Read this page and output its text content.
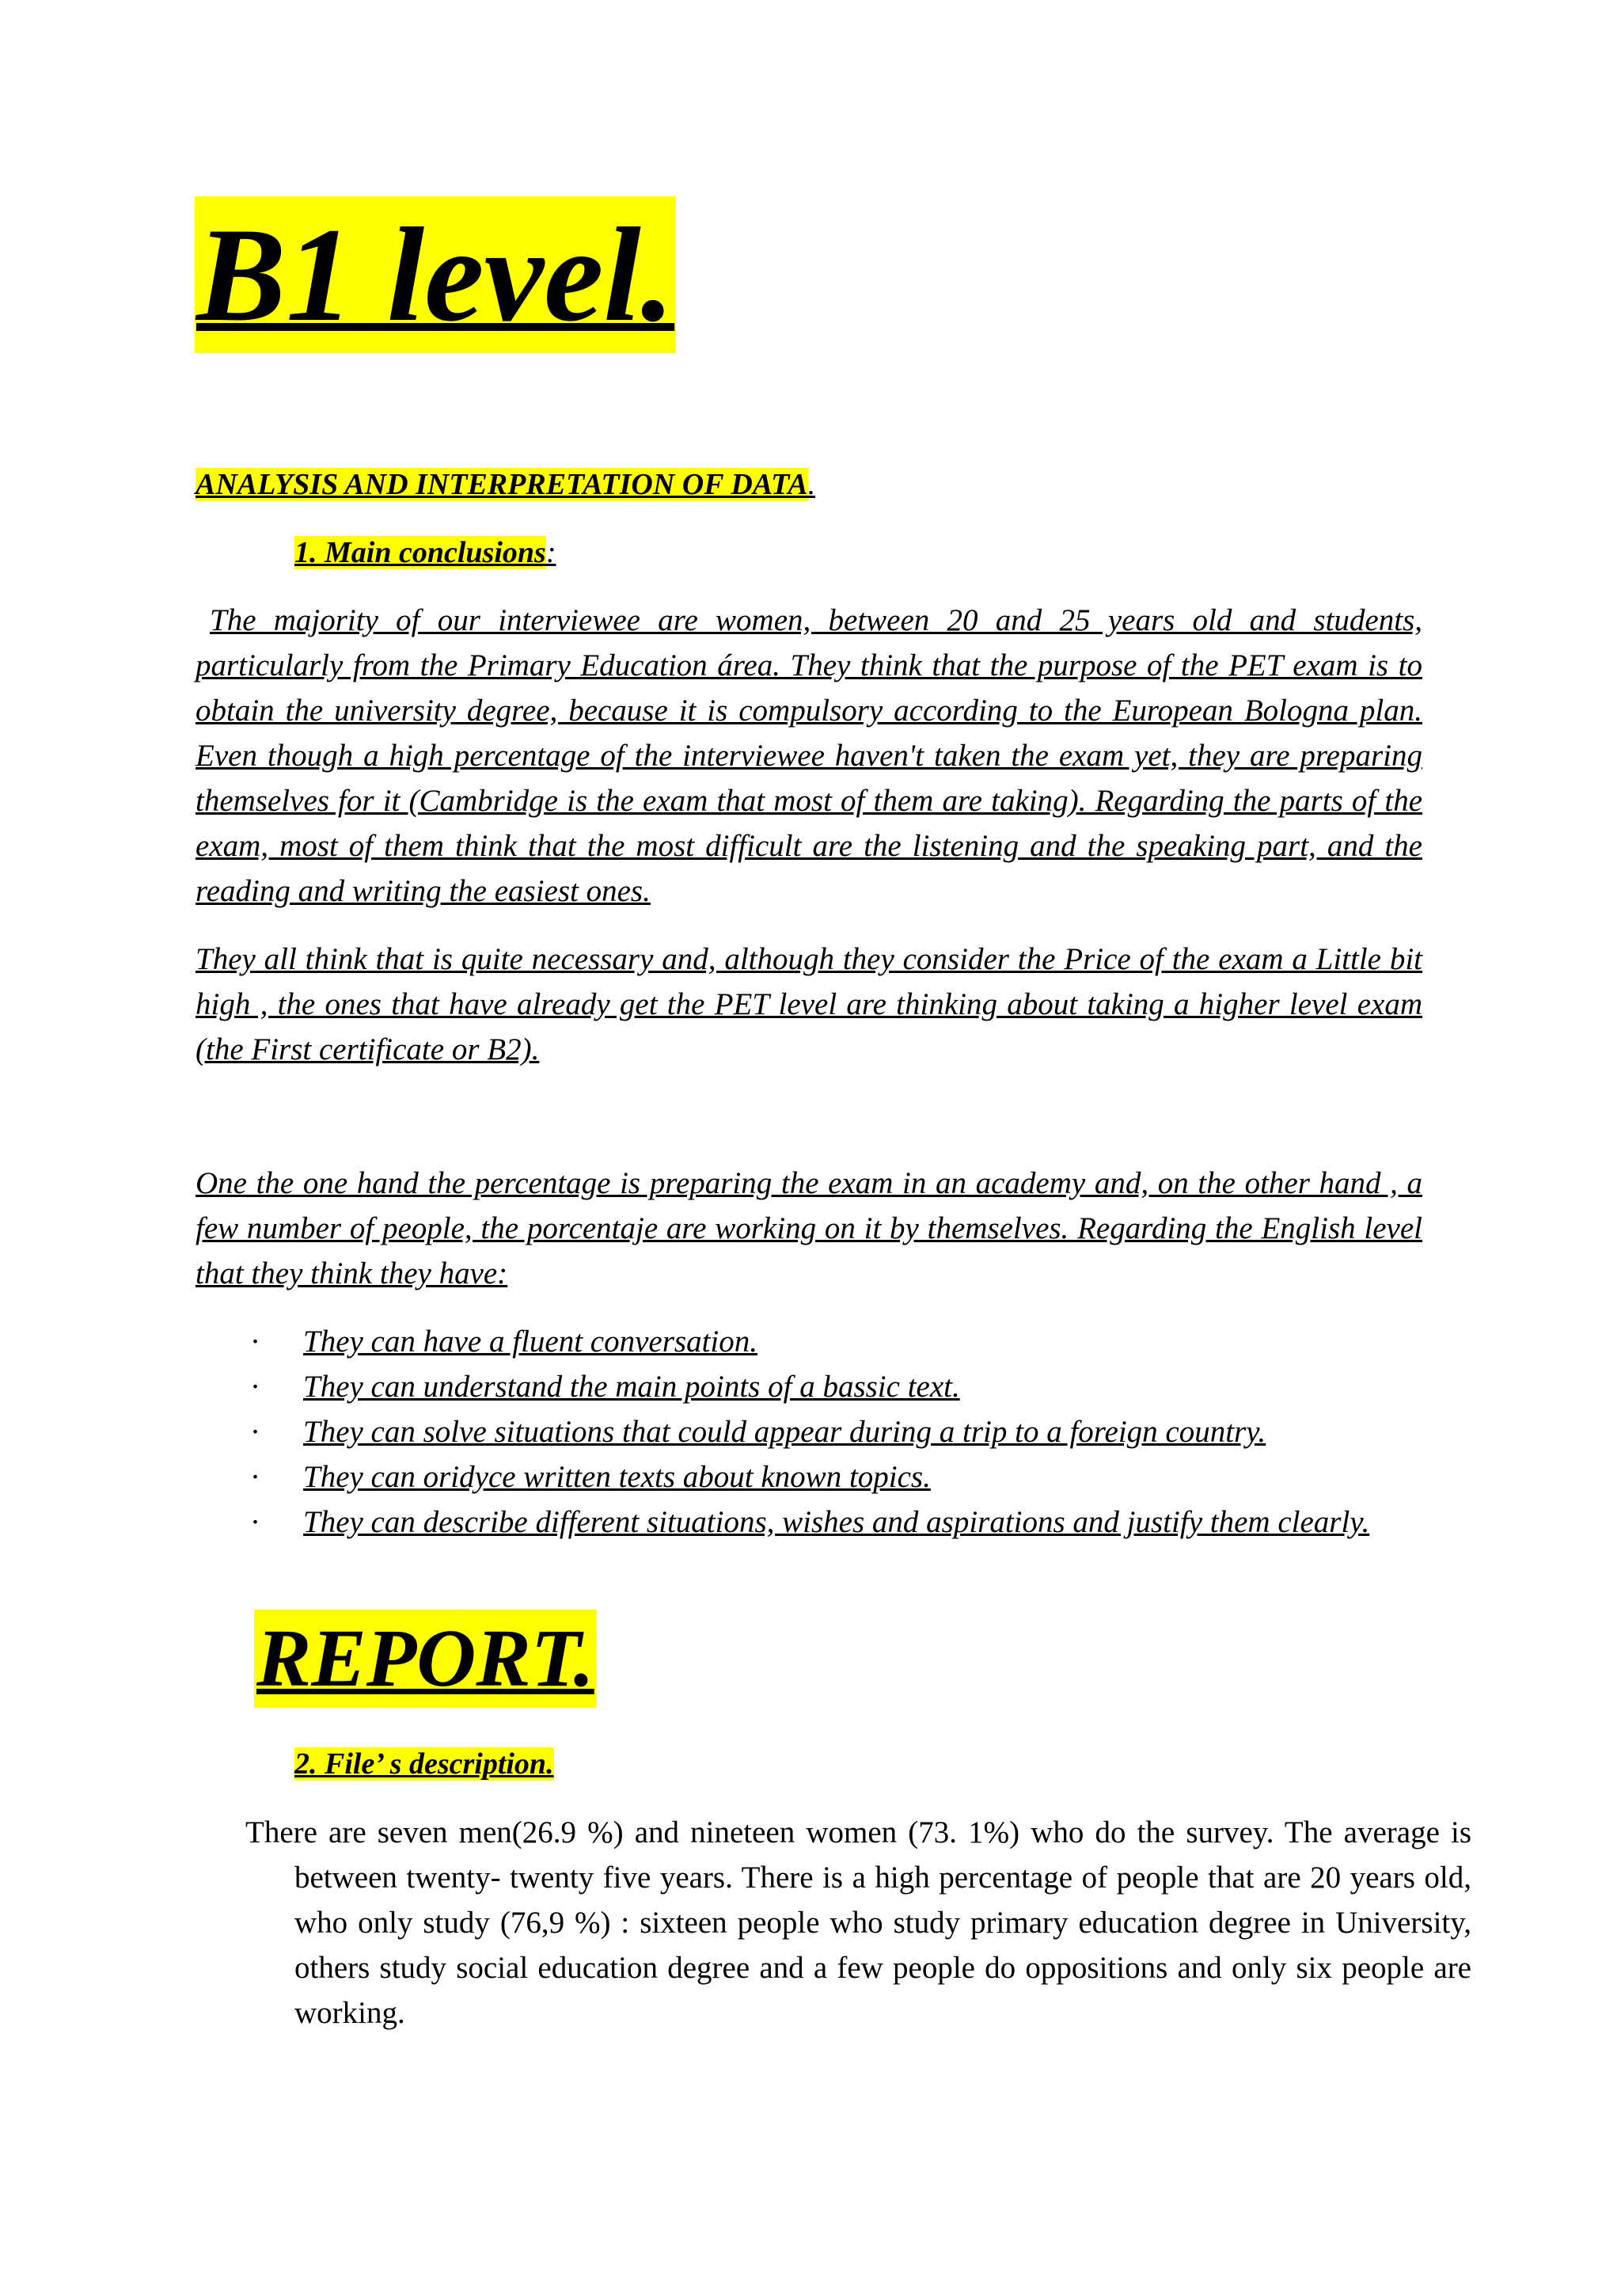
B1 level.
ANALYSIS AND INTERPRETATION OF DATA.
1. Main conclusions:

The majority of our interviewee are women, between 20 and 25 years old and students, particularly from the Primary Education área. They think that the purpose of the PET exam is to obtain the university degree, because it is compulsory according to the European Bologna plan. Even though a high percentage of the interviewee haven't taken the exam yet, they are preparing themselves for it (Cambridge is the exam that most of them are taking). Regarding the parts of the exam, most of them think that the most difficult are the listening and the speaking part, and the reading and writing the easiest ones.

They all think that is quite necessary and, although they consider the Price of the exam a Little bit high , the ones that have already get the PET level are thinking about taking a higher level exam (the First certificate or B2).

One the one hand the percentage is preparing the exam in an academy and, on the other hand , a few number of people, the porcentaje are working on it by themselves. Regarding the English level that they think they have:

· They can have a fluent conversation.
· They can understand the main points of a bassic text.
· They can solve situations that could appear during a trip to a foreign country.
· They can oridyce written texts about known topics.
· They can describe different situations, wishes and aspirations and justify them clearly.
REPORT.
2. File’ s description.

There are seven men(26.9 %) and nineteen women (73. 1%) who do the survey. The average is between twenty- twenty five years. There is a high percentage of people that are 20 years old, who only study (76,9 %) : sixteen people who study primary education degree in University, others study social education degree and a few people do oppositions and only six people are working.
